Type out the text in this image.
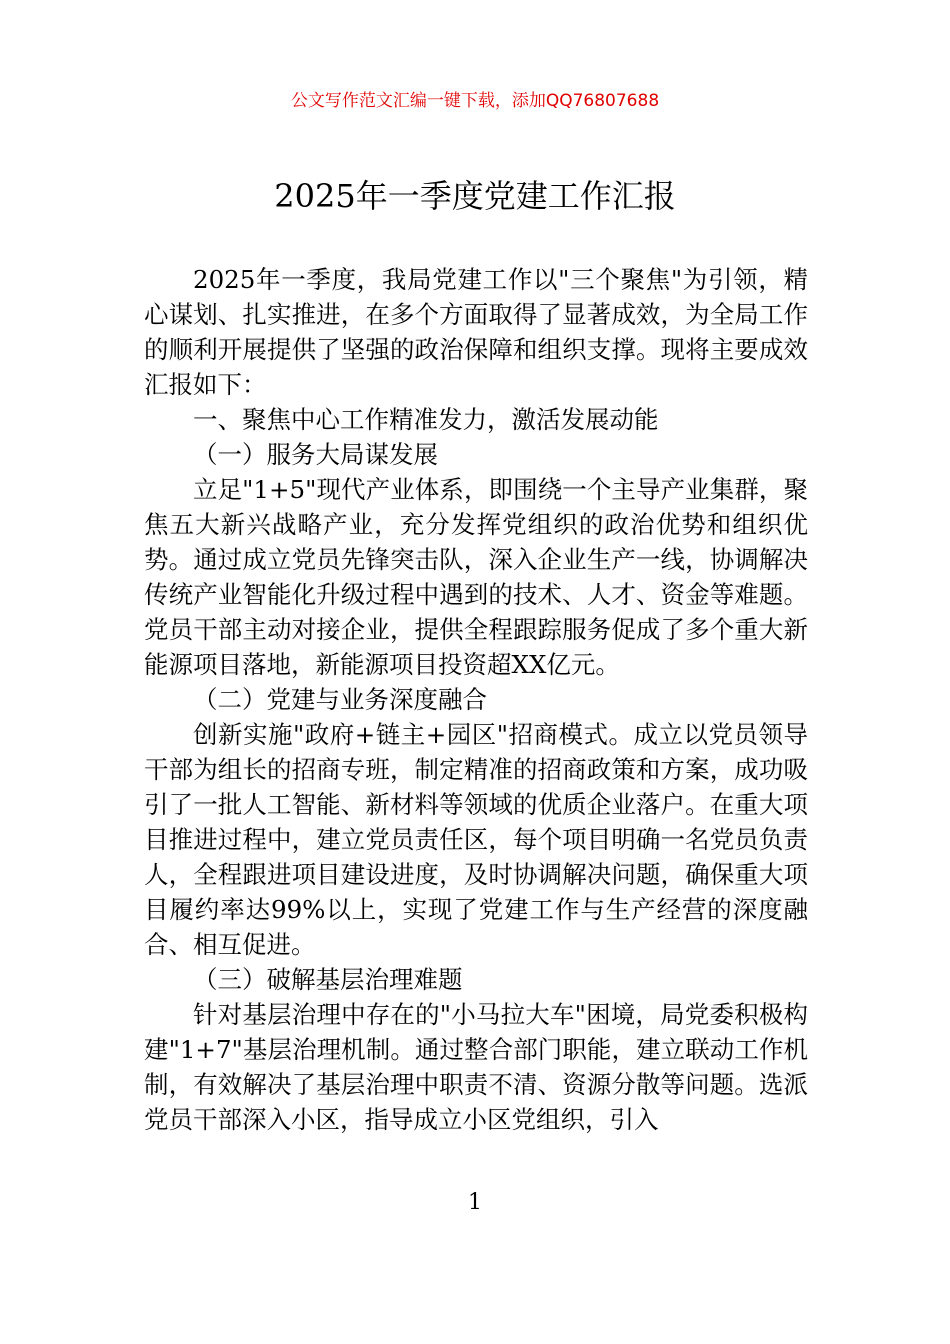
公文写作范文汇编一键下载，添加QQ76807688
2025年一季度党建工作汇报

2025年一季度，我局党建工作以"三个聚焦"为引领，精心谋划、扎实推进，在多个方面取得了显著成效，为全局工作的顺利开展提供了坚强的政治保障和组织支撑。现将主要成效汇报如下：

一、聚焦中心工作精准发力，激活发展动能

（一）服务大局谋发展

立足"1+5"现代产业体系，即围绕一个主导产业集群，聚焦五大新兴战略产业，充分发挥党组织的政治优势和组织优势。通过成立党员先锋突击队，深入企业生产一线，协调解决传统产业智能化升级过程中遇到的技术、人才、资金等难题。党员干部主动对接企业，提供全程跟踪服务促成了多个重大新能源项目落地，新能源项目投资超XX亿元。

（二）党建与业务深度融合

创新实施"政府+链主+园区"招商模式。成立以党员领导干部为组长的招商专班，制定精准的招商政策和方案，成功吸引了一批人工智能、新材料等领域的优质企业落户。在重大项目推进过程中，建立党员责任区，每个项目明确一名党员负责人，全程跟进项目建设进度，及时协调解决问题，确保重大项目履约率达99%以上，实现了党建工作与生产经营的深度融合、相互促进。

（三）破解基层治理难题

针对基层治理中存在的"小马拉大车"困境，局党委积极构建"1+7"基层治理机制。通过整合部门职能，建立联动工作机制，有效解决了基层治理中职责不清、资源分散等问题。选派党员干部深入小区，指导成立小区党组织，引入

1
